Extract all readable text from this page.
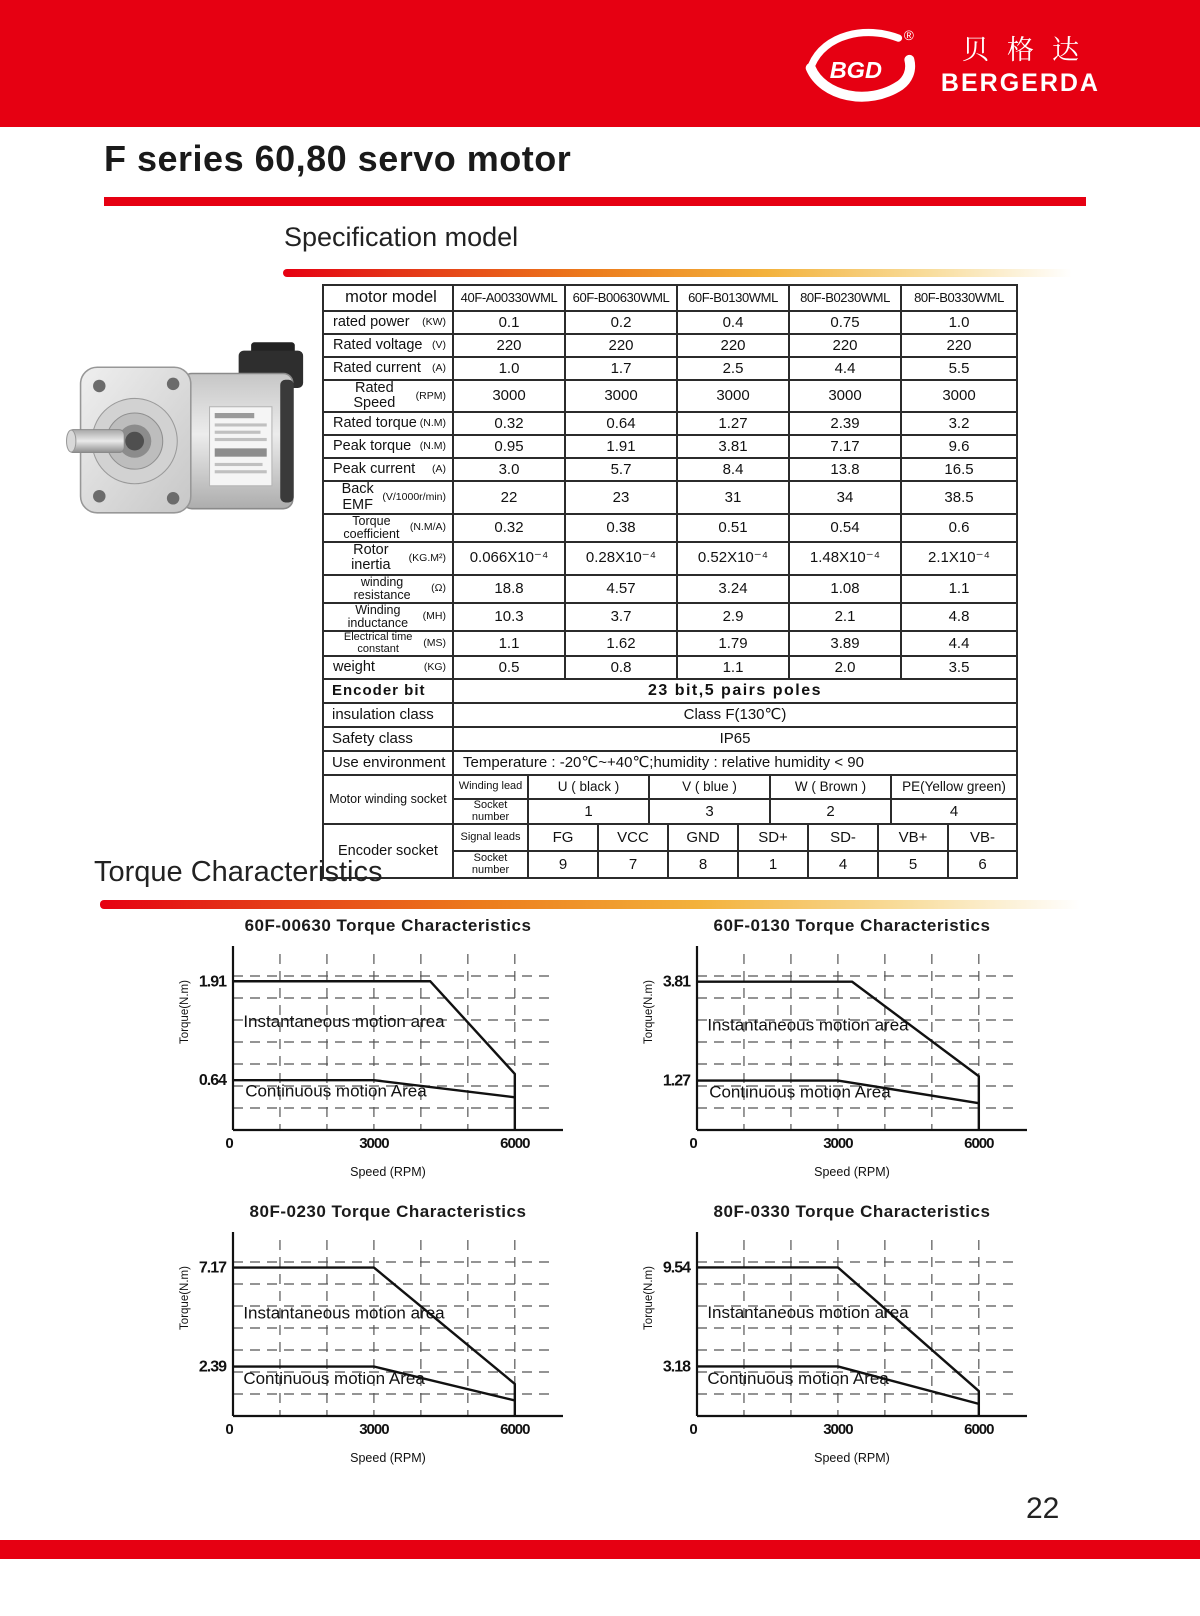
BGD
®	贝格达
BERGERDA
F series 60,80 servo motor
Specification model
motor model	40F-A00330WML	60F-B00630WML	60F-B0130WML	80F-B0230WML	80F-B0330WML

rated power (KW)	0.1	0.2	0.4	0.75	1.0

Rated voltage (V)	220	220	220	220	220

Rated current (A)	1.0	1.7	2.5	4.4	5.5

Rated Speed (RPM)	3000	3000	3000	3000	3000

Rated torque (N.M)	0.32	0.64	1.27	2.39	3.2

Peak torque (N.M)	0.95	1.91	3.81	7.17	9.6

Peak current (A)	3.0	5.7	8.4	13.8	16.5

Back EMF (V/1000r/min)	22	23	31	34	38.5

Torque coefficient (N.M/A)	0.32	0.38	0.51	0.54	0.6

Rotor inertia (KG.M²)	0.066X10⁻⁴	0.28X10⁻⁴	0.52X10⁻⁴	1.48X10⁻⁴	2.1X10⁻⁴

winding resistance (Ω)	18.8	4.57	3.24	1.08	1.1

Winding inductance (MH)	10.3	3.7	2.9	2.1	4.8

Electrical time constant (MS)	1.1	1.62	1.79	3.89	4.4

weight (KG)	0.5	0.8	1.1	2.0	3.5
Encoder bit	23 bit,5 pairs poles
insulation class	Class F(130℃)
Safety class	IP65
Use environment	Temperature : -20℃~+40℃;humidity : relative humidity < 90
Motor winding socket	Winding lead	U ( black )	V ( blue )	W ( Brown )	PE(Yellow green)
	Socket number	1	3	2	4
Encoder socket	Signal leads	FG	VCC	GND	SD+	SD-	VB+	VB-
	Socket number	9	7	8	1	4	5	6
Torque Characteristics
60F-00630 Torque Characteristics
1.91
0.64
0	3000	6000
Instantaneous motion area
Continuous motion Area
Torque(N.m)
Speed (RPM)
60F-0130 Torque Characteristics
3.81
1.27
0	3000	6000
Instantaneous motion area
Continuous motion Area
Torque(N.m)
Speed (RPM)
80F-0230 Torque Characteristics
7.17
2.39
0	3000	6000
Instantaneous motion area
Continuous motion Area
Torque(N.m)
Speed (RPM)
80F-0330 Torque Characteristics
9.54
3.18
0	3000	6000
Instantaneous motion area
Continuous motion Area
Torque(N.m)
Speed (RPM)
22
